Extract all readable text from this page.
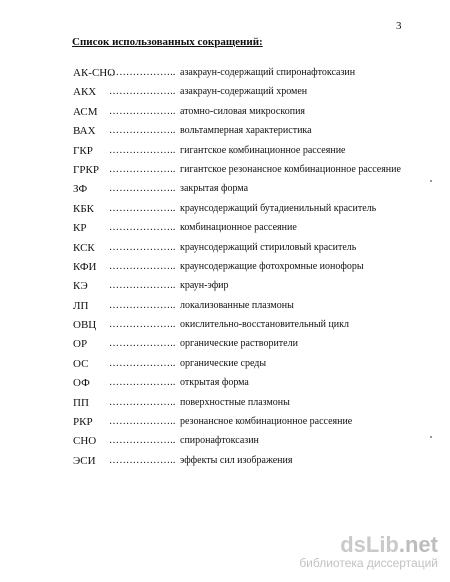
3
Список использованных сокращений:
АК-СНО
……………….. азакраун-содержащий спиронафтоксазин
АКХ ……………….. азакраун-содержащий хромен
АСМ ……………….. атомно-силовая микроскопия
ВАХ ……………….. вольтамперная характеристика
ГКР ……………….. гигантское комбинационное рассеяние
ГРКР ……………….. гигантское резонансное комбинационное рассеяние
ЗФ ……………….. закрытая форма
КБК ……………….. краунсодержащий бутадиенильный краситель
КР ……………….. комбинационное рассеяние
КСК ……………….. краунсодержащий стириловый краситель
КФИ ……………….. краунсодержащие фотохромные ионофоры
КЭ ……………….. краун-эфир
ЛП ……………….. локализованные плазмоны
ОВЦ ……………….. окислительно-восстановительный цикл
ОР ……………….. органические растворители
ОС ……………….. органические среды
ОФ ……………….. открытая форма
ПП ……………….. поверхностные плазмоны
РКР ……………….. резонансное комбинационное рассеяние
СНО ……………….. спиронафтоксазин
ЭСИ ……………….. эффекты сил изображения
dsLib.net
библиотека диссертаций
